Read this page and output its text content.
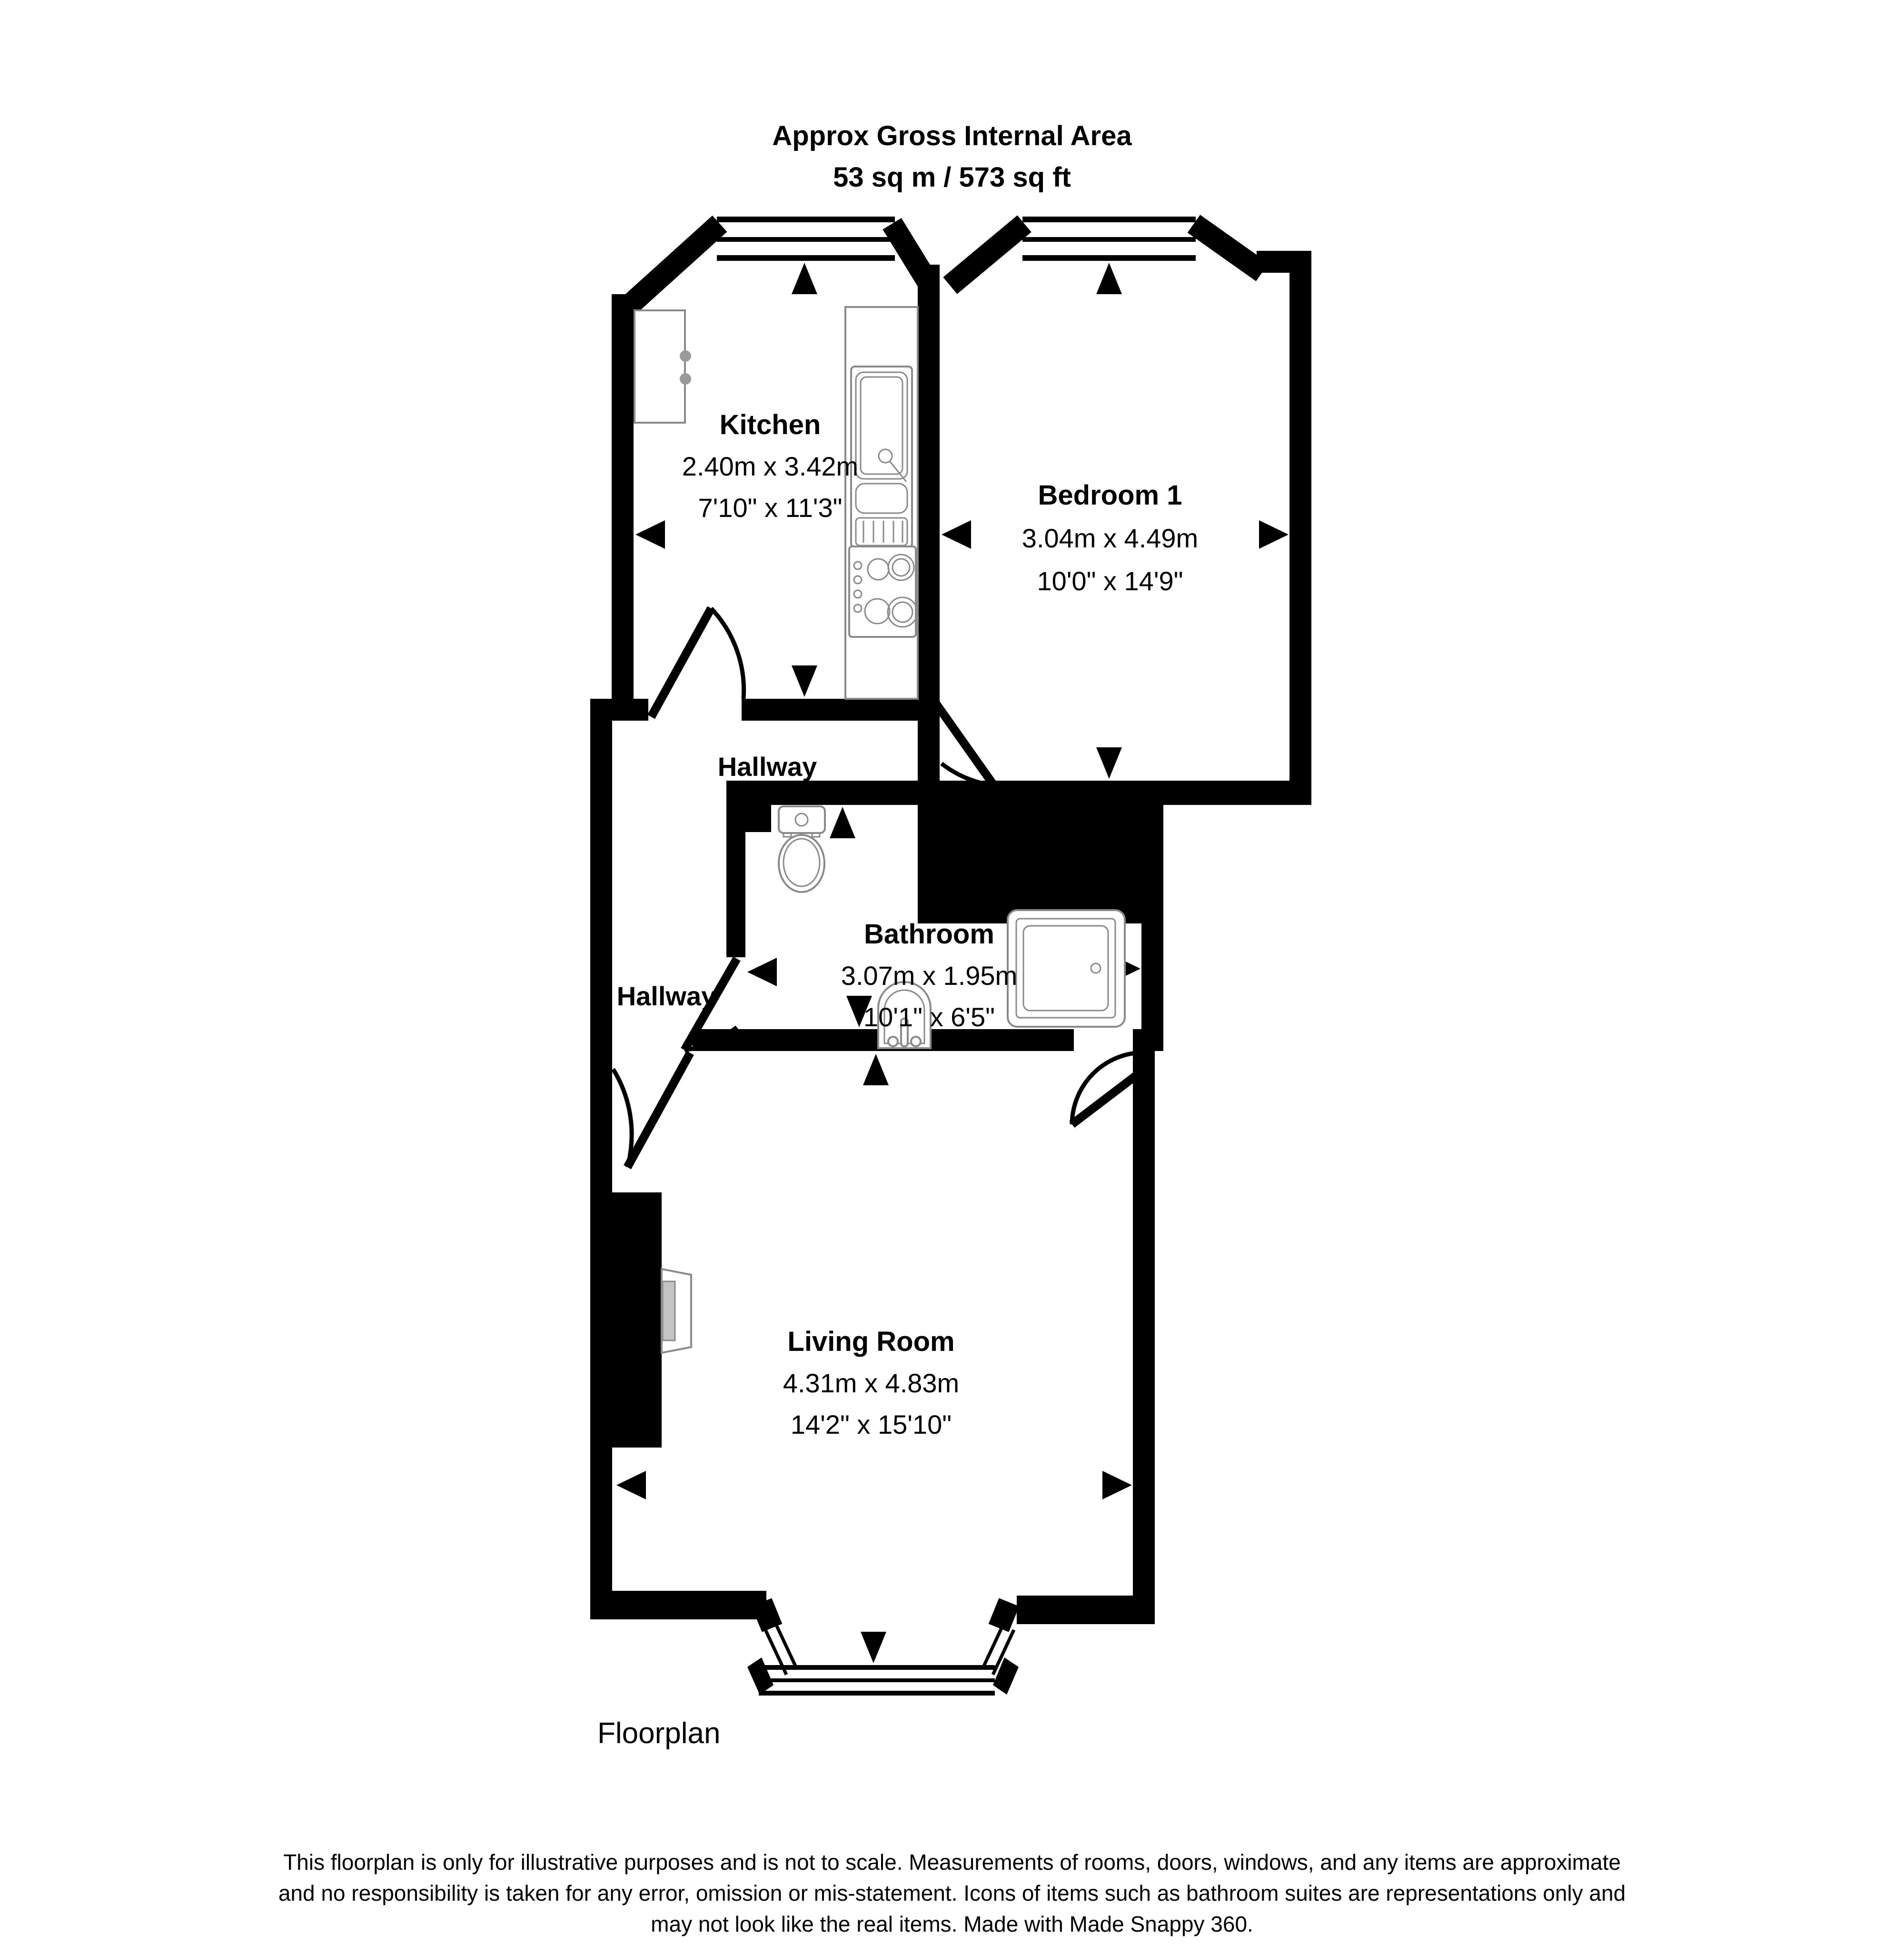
Approx Gross Internal Area
53 sq m / 573 sq ft
Kitchen
2.40m x 3.42m
7'10" x 11'3"	Bedroom 1
3.04m x 4.49m
10'0" x 14'9"
Bathroom
3.07m x 1.95m
10'1" x 6'5"
Living Room
4.31m x 4.83m
14'2" x 15'10"
Hallway
Hallway
Floorplan
This floorplan is only for illustrative purposes and is not to scale. Measurements of rooms, doors, windows, and any items are approximate
and no responsibility is taken for any error, omission or mis-statement. Icons of items such as bathroom suites are representations only and
may not look like the real items. Made with Made Snappy 360.
